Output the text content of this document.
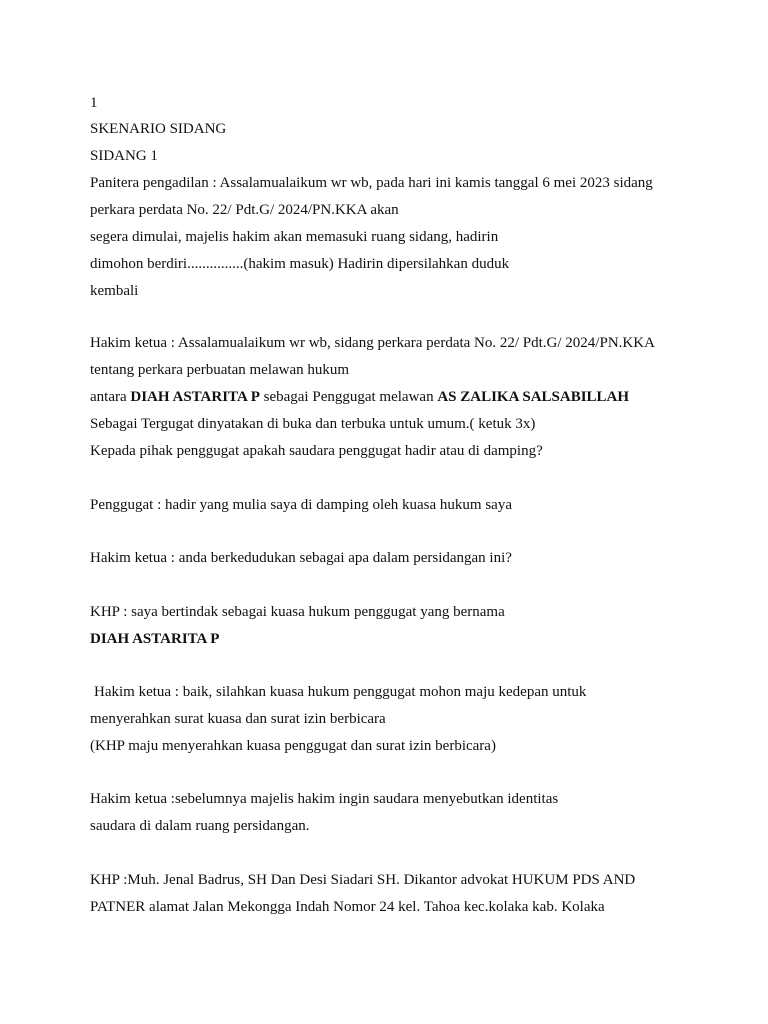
1
SKENARIO SIDANG
SIDANG 1
Panitera pengadilan : Assalamualaikum wr wb, pada hari ini kamis tanggal 6 mei 2023 sidang
perkara perdata No. 22/ Pdt.G/ 2024/PN.KKA akan
segera dimulai, majelis hakim akan memasuki ruang sidang, hadirin
dimohon berdiri...............(hakim masuk) Hadirin dipersilahkan duduk
kembali
Hakim ketua : Assalamualaikum wr wb, sidang perkara perdata No. 22/ Pdt.G/ 2024/PN.KKA
tentang perkara perbuatan melawan hukum
antara DIAH ASTARITA P sebagai Penggugat melawan AS ZALIKA SALSABILLAH
Sebagai Tergugat dinyatakan di buka dan terbuka untuk umum.( ketuk 3x)
Kepada pihak penggugat apakah saudara penggugat hadir atau di damping?
Penggugat : hadir yang mulia saya di damping oleh kuasa hukum saya
Hakim ketua : anda berkedudukan sebagai apa dalam persidangan ini?
KHP : saya bertindak sebagai kuasa hukum penggugat yang bernama
DIAH ASTARITA P
Hakim ketua : baik, silahkan kuasa hukum penggugat mohon maju kedepan untuk
menyerahkan surat kuasa dan surat izin berbicara
(KHP maju menyerahkan kuasa penggugat dan surat izin berbicara)
Hakim ketua :sebelumnya majelis hakim ingin saudara menyebutkan identitas
saudara di dalam ruang persidangan.
KHP :Muh. Jenal Badrus, SH Dan Desi Siadari SH. Dikantor advokat HUKUM PDS AND
PATNER alamat Jalan Mekongga Indah Nomor 24 kel. Tahoa kec.kolaka kab. Kolaka
